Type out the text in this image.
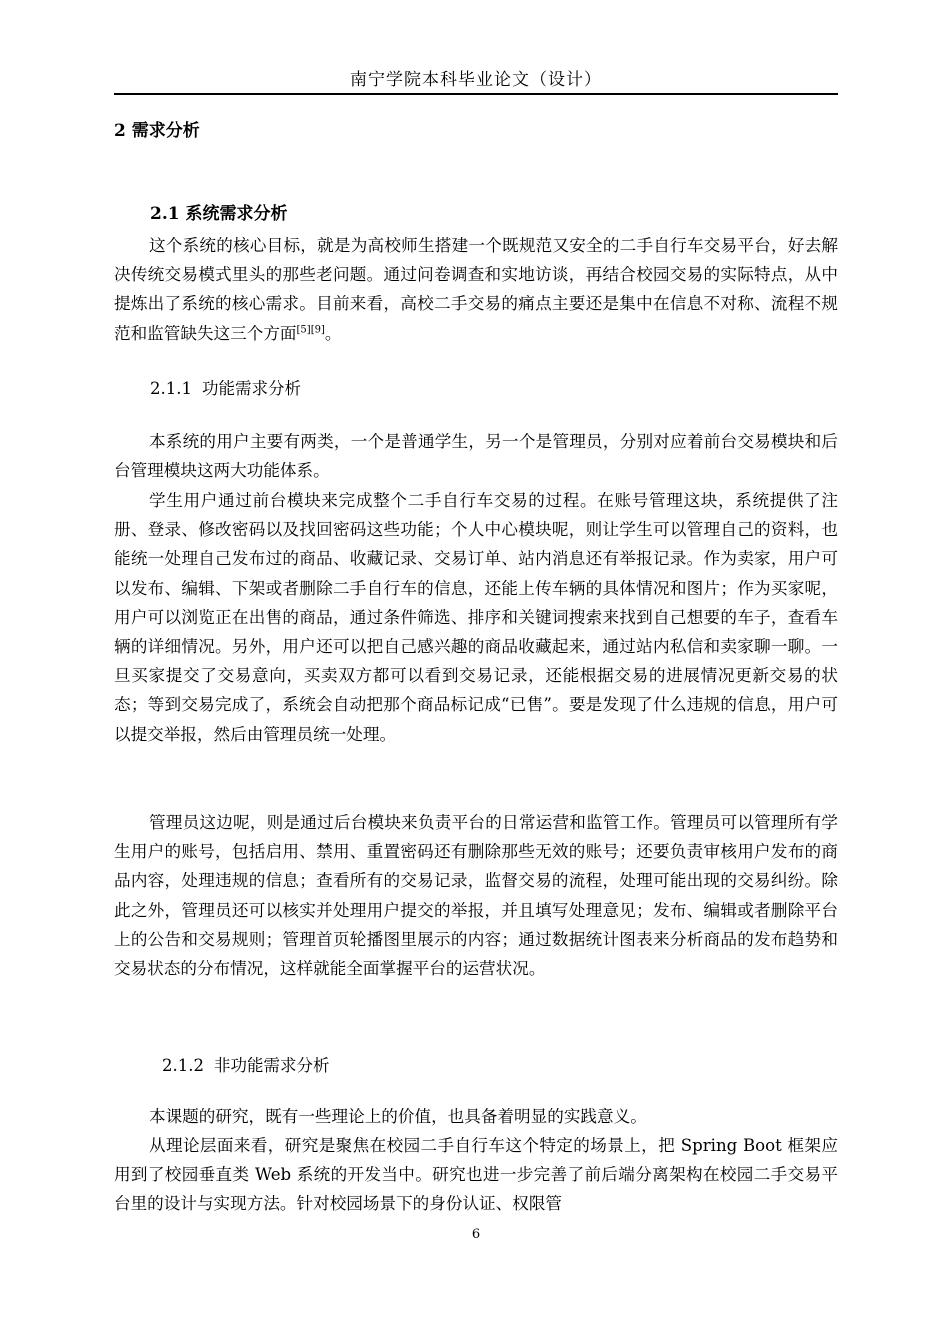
南宁学院本科毕业论文（设计）
2 需求分析
2.1 系统需求分析

这个系统的核心目标，就是为高校师生搭建一个既规范又安全的二手自行车交易平台，好去解决传统交易模式里头的那些老问题。通过问卷调查和实地访谈，再结合校园交易的实际特点，从中提炼出了系统的核心需求。目前来看，高校二手交易的痛点主要还是集中在信息不对称、流程不规范和监管缺失这三个方面[5][9]。

2.1.1 功能需求分析

本系统的用户主要有两类，一个是普通学生，另一个是管理员，分别对应着前台交易模块和后台管理模块这两大功能体系。

学生用户通过前台模块来完成整个二手自行车交易的过程。在账号管理这块，系统提供了注册、登录、修改密码以及找回密码这些功能；个人中心模块呢，则让学生可以管理自己的资料，也能统一处理自己发布过的商品、收藏记录、交易订单、站内消息还有举报记录。作为卖家，用户可以发布、编辑、下架或者删除二手自行车的信息，还能上传车辆的具体情况和图片；作为买家呢，用户可以浏览正在出售的商品，通过条件筛选、排序和关键词搜索来找到自己想要的车子，查看车辆的详细情况。另外，用户还可以把自己感兴趣的商品收藏起来，通过站内私信和卖家聊一聊。一旦买家提交了交易意向，买卖双方都可以看到交易记录，还能根据交易的进展情况更新交易的状态；等到交易完成了，系统会自动把那个商品标记成“已售”。要是发现了什么违规的信息，用户可以提交举报，然后由管理员统一处理。

管理员这边呢，则是通过后台模块来负责平台的日常运营和监管工作。管理员可以管理所有学生用户的账号，包括启用、禁用、重置密码还有删除那些无效的账号；还要负责审核用户发布的商品内容，处理违规的信息；查看所有的交易记录，监督交易的流程，处理可能出现的交易纠纷。除此之外，管理员还可以核实并处理用户提交的举报，并且填写处理意见；发布、编辑或者删除平台上的公告和交易规则；管理首页轮播图里展示的内容；通过数据统计图表来分析商品的发布趋势和交易状态的分布情况，这样就能全面掌握平台的运营状况。

2.1.2 非功能需求分析

本课题的研究，既有一些理论上的价值，也具备着明显的实践意义。

从理论层面来看，研究是聚焦在校园二手自行车这个特定的场景上，把 Spring Boot 框架应用到了校园垂直类 Web 系统的开发当中。研究也进一步完善了前后端分离架构在校园二手交易平台里的设计与实现方法。针对校园场景下的身份认证、权限管

6
